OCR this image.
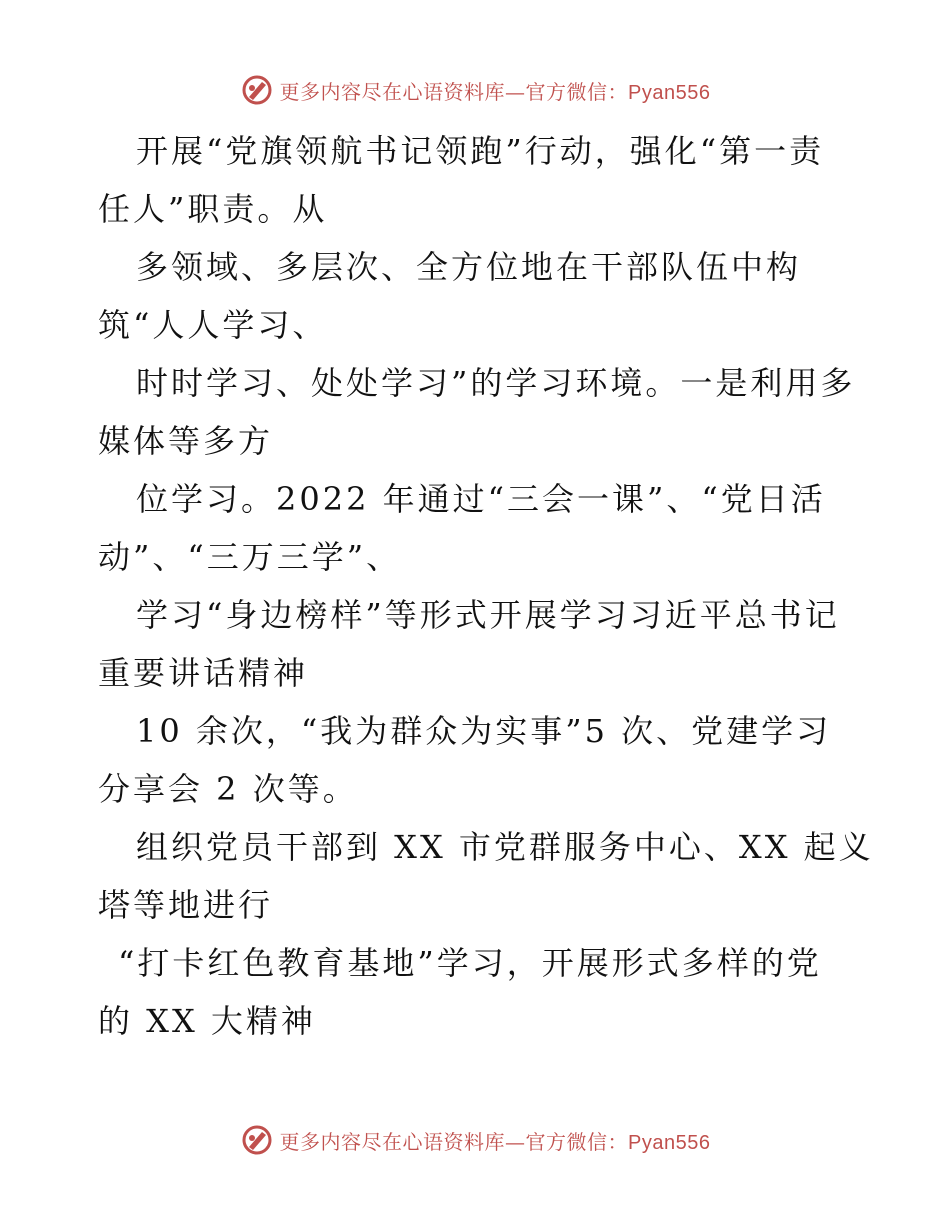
更多内容尽在心语资料库—官方微信：Pyan556
开展“党旗领航书记领跑”行动，强化“第一责
任人”职责。从
多领域、多层次、全方位地在干部队伍中构
筑“人人学习、
时时学习、处处学习”的学习环境。一是利用多
媒体等多方
位学习。2022 年通过“三会一课”、“党日活
动”、“三万三学”、
学习“身边榜样”等形式开展学习习近平总书记
重要讲话精神
10 余次，“我为群众为实事”5 次、党建学习
分享会 2 次等。
组织党员干部到 XX 市党群服务中心、XX 起义
塔等地进行
“打卡红色教育基地”学习，开展形式多样的党
的 XX 大精神
更多内容尽在心语资料库—官方微信：Pyan556
